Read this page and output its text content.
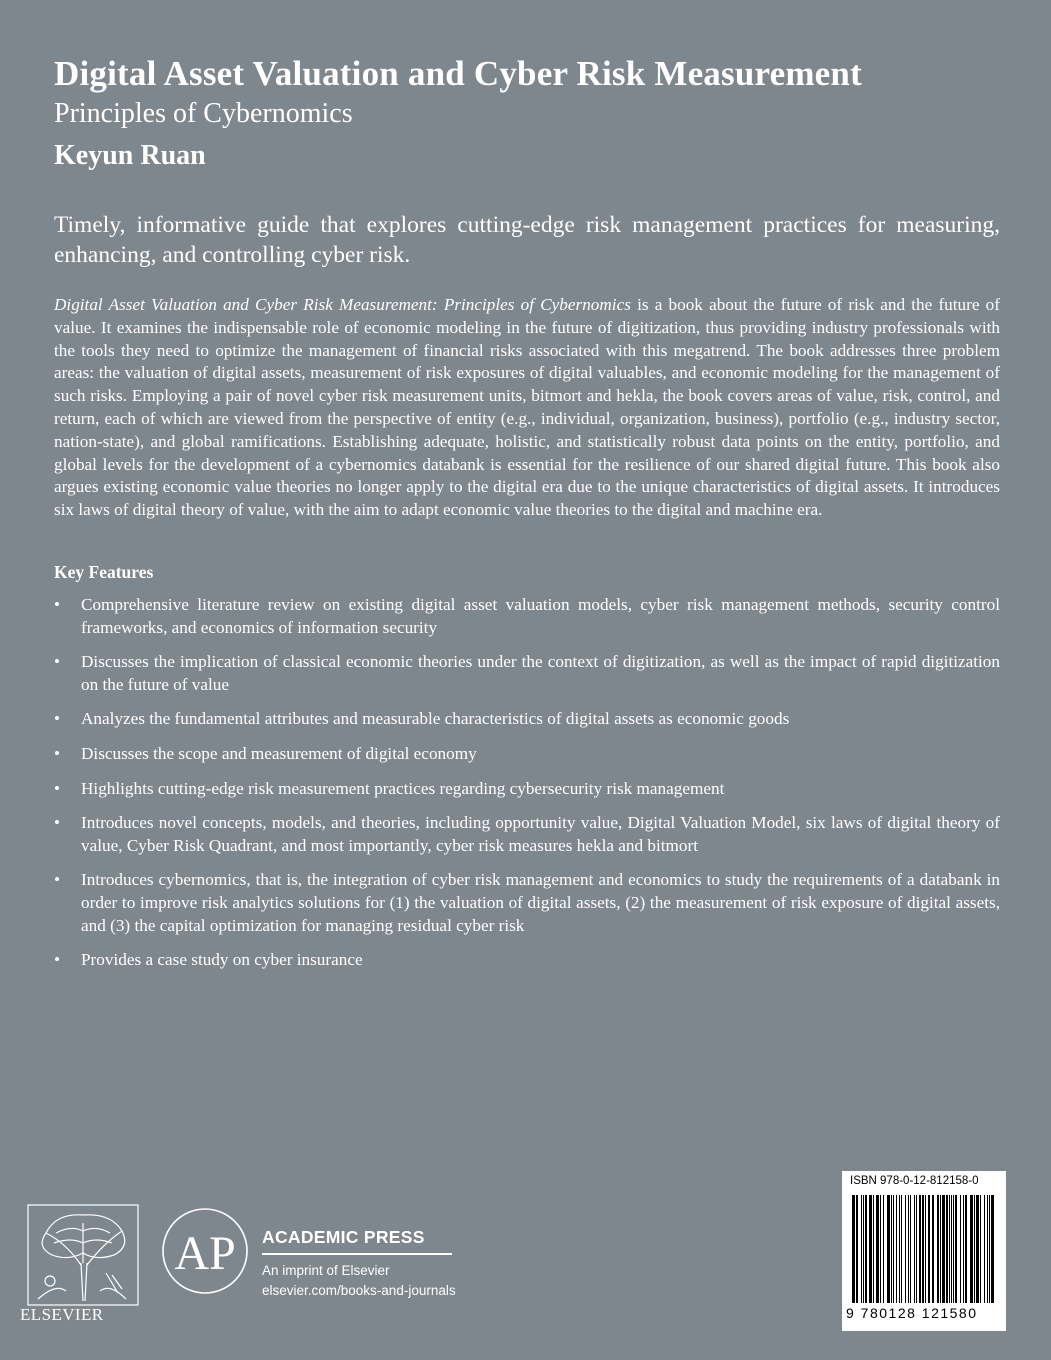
Digital Asset Valuation and Cyber Risk Measurement
Principles of Cybernomics
Keyun Ruan

Timely, informative guide that explores cutting-edge risk management practices for measuring, enhancing, and controlling cyber risk.

Digital Asset Valuation and Cyber Risk Measurement: Principles of Cybernomics is a book about the future of risk and the future of value. It examines the indispensable role of economic modeling in the future of digitization, thus providing industry professionals with the tools they need to optimize the management of financial risks associated with this megatrend. The book addresses three problem areas: the valuation of digital assets, measurement of risk exposures of digital valuables, and economic modeling for the management of such risks. Employing a pair of novel cyber risk measurement units, bitmort and hekla, the book covers areas of value, risk, control, and return, each of which are viewed from the perspective of entity (e.g., individual, organization, business), portfolio (e.g., industry sector, nation-state), and global ramifications. Establishing adequate, holistic, and statistically robust data points on the entity, portfolio, and global levels for the development of a cybernomics databank is essential for the resilience of our shared digital future. This book also argues existing economic value theories no longer apply to the digital era due to the unique characteristics of digital assets. It introduces six laws of digital theory of value, with the aim to adapt economic value theories to the digital and machine era.

Key Features
• Comprehensive literature review on existing digital asset valuation models, cyber risk management methods, security control frameworks, and economics of information security
• Discusses the implication of classical economic theories under the context of digitization, as well as the impact of rapid digitization on the future of value
• Analyzes the fundamental attributes and measurable characteristics of digital assets as economic goods
• Discusses the scope and measurement of digital economy
• Highlights cutting-edge risk measurement practices regarding cybersecurity risk management
• Introduces novel concepts, models, and theories, including opportunity value, Digital Valuation Model, six laws of digital theory of value, Cyber Risk Quadrant, and most importantly, cyber risk measures hekla and bitmort
• Introduces cybernomics, that is, the integration of cyber risk management and economics to study the requirements of a databank in order to improve risk analytics solutions for (1) the valuation of digital assets, (2) the measurement of risk exposure of digital assets, and (3) the capital optimization for managing residual cyber risk
• Provides a case study on cyber insurance
ELSEVIER
AP ACADEMIC PRESS
An imprint of Elsevier
elsevier.com/books-and-journals
ISBN 978-0-12-812158-0
9 780128 121580
